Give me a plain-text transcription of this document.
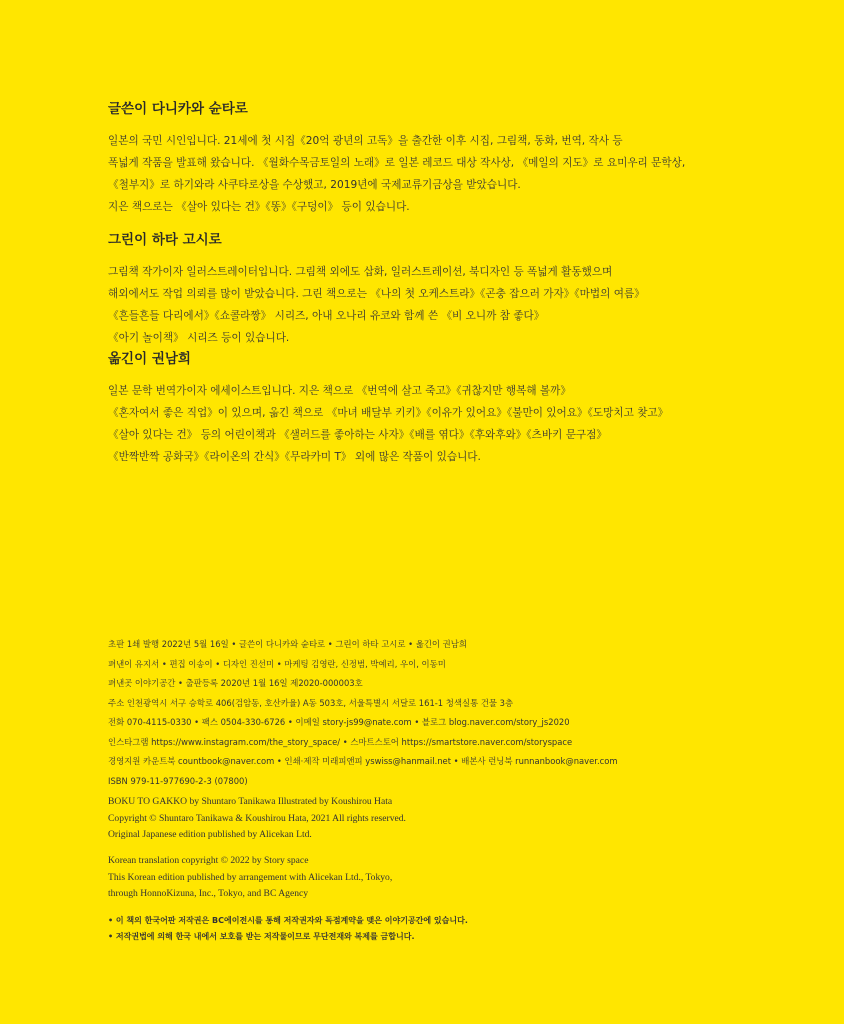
글쓴이 다니카와 슌타로

일본의 국민 시인입니다. 21세에 첫 시집《20억 광년의 고독》을 출간한 이후 시집, 그림책, 동화, 번역, 작사 등

폭넓게 작품을 발표해 왔습니다. 《월화수목금토일의 노래》로 일본 레코드 대상 작사상, 《메일의 지도》로 요미우리 문학상,

《철부지》로 하기와라 사쿠타로상을 수상했고, 2019년에 국제교류기금상을 받았습니다.

지은 책으로는 《살아 있다는 건》《똥》《구덩이》 등이 있습니다.

그린이 하타 고시로

그림책 작가이자 일러스트레이터입니다. 그림책 외에도 삽화, 일러스트레이션, 북디자인 등 폭넓게 활동했으며

해외에서도 작업 의뢰를 많이 받았습니다. 그린 책으로는 《나의 첫 오케스트라》《곤충 잡으러 가자》《마법의 여름》

《흔들흔들 다리에서》《쇼콜라짱》 시리즈, 아내 오나리 유코와 함께 쓴 《비 오니까 참 좋다》

《아기 놀이책》 시리즈 등이 있습니다.

옮긴이 권남희

일본 문학 번역가이자 에세이스트입니다. 지은 책으로 《번역에 살고 죽고》《귀찮지만 행복해 볼까》

《혼자여서 좋은 직업》이 있으며, 옮긴 책으로 《마녀 배달부 키키》《이유가 있어요》《불만이 있어요》《도망치고 찾고》

《살아 있다는 건》 등의 어린이책과 《샐러드를 좋아하는 사자》《배를 엮다》《후와후와》《츠바키 문구점》

《반짝반짝 공화국》《라이온의 간식》《무라카미 T》 외에 많은 작품이 있습니다.

초판 1쇄 발행 2022년 5월 16일 • 글쓴이 다니카와 슌타로 • 그린이 하타 고시로 • 옮긴이 권남희

펴낸이 유지서 • 편집 이송이 • 디자인 진선미 • 마케팅 김영란, 신정범, 박예리, 우이, 이동미

펴낸곳 이야기공간 • 출판등록 2020년 1월 16일 제2020-000003호

주소 인천광역시 서구 승학로 406(검암동, 호산카율) A동 503호, 서울특별시 서달로 161-1 청색실통 건물 3층

전화 070-4115-0330 • 팩스 0504-330-6726 • 이메일 story-js99@nate.com • 블로그 blog.naver.com/story_js2020

인스타그램 https://www.instagram.com/the_story_space/ • 스마트스토어 https://smartstore.naver.com/storyspace

경영지원 카운트북 countbook@naver.com • 인쇄·제작 미래피앤피 yswiss@hanmail.net • 배본사 런닝북 runnanbook@naver.com

ISBN 979-11-977690-2-3 (07800)

BOKU TO GAKKO by Shuntaro Tanikawa Illustrated by Koushirou Hata

Copyright © Shuntaro Tanikawa & Koushirou Hata, 2021 All rights reserved.

Original Japanese edition published by Alicekan Ltd.

Korean translation copyright © 2022 by Story space

This Korean edition published by arrangement with Alicekan Ltd., Tokyo,

through HonnoKizuna, Inc., Tokyo, and BC Agency

• 이 책의 한국어판 저작권은 BC에이전시를 통해 저작권자와 독점계약을 맺은 이야기공간에 있습니다.

• 저작권법에 의해 한국 내에서 보호를 받는 저작물이므로 무단전재와 복제를 금합니다.
